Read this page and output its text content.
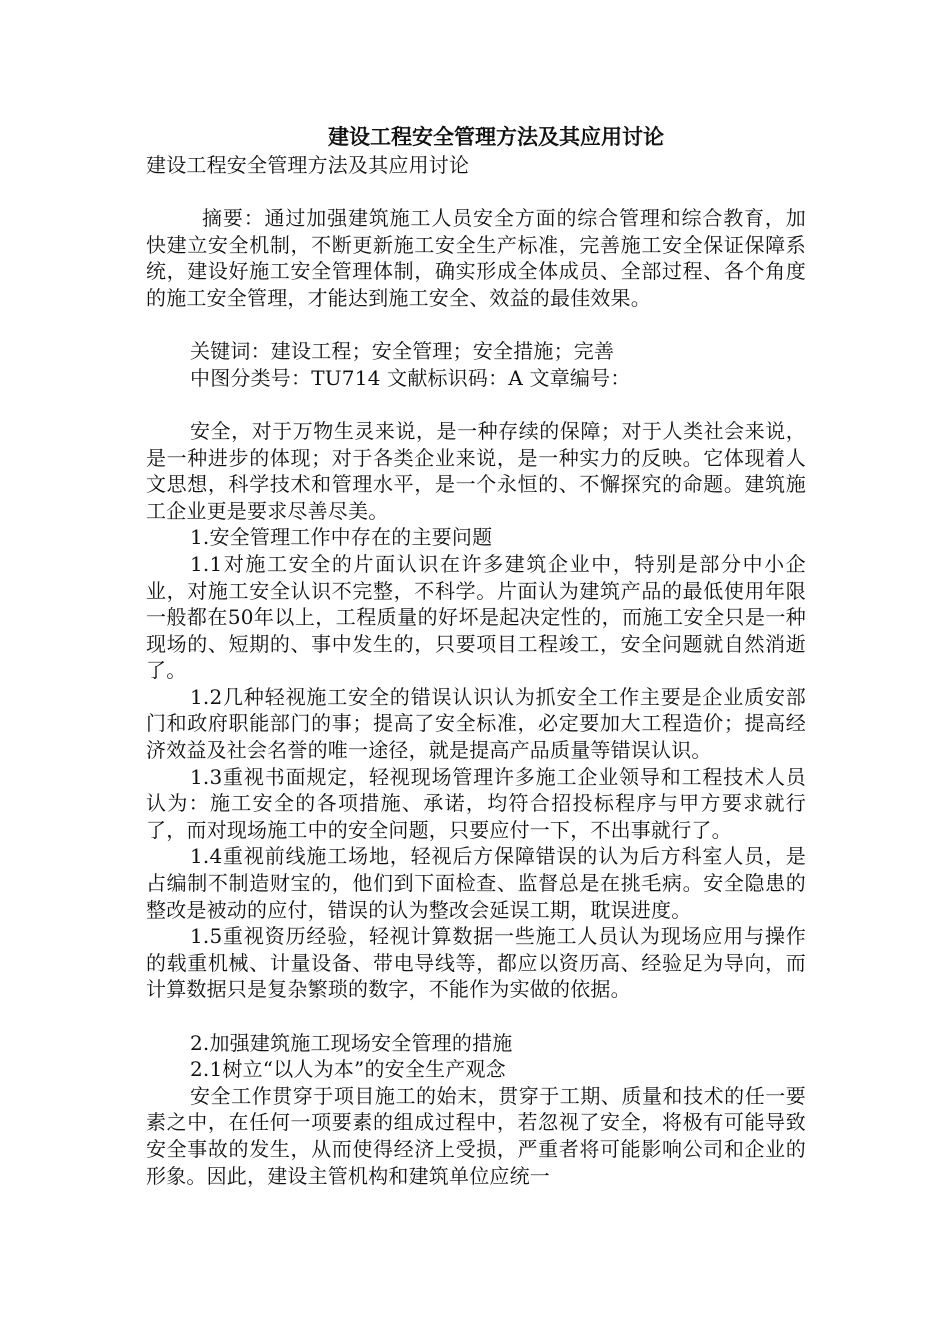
建设工程安全管理方法及其应用讨论
建设工程安全管理方法及其应用讨论
摘要：通过加强建筑施工人员安全方面的综合管理和综合教育，加快建立安全机制，不断更新施工安全生产标准，完善施工安全保证保障系统，建设好施工安全管理体制，确实形成全体成员、全部过程、各个角度的施工安全管理，才能达到施工安全、效益的最佳效果。
关键词：建设工程；安全管理；安全措施；完善
中图分类号：TU714 文献标识码：A 文章编号：
安全，对于万物生灵来说，是一种存续的保障；对于人类社会来说，是一种进步的体现；对于各类企业来说，是一种实力的反映。它体现着人文思想，科学技术和管理水平，是一个永恒的、不懈探究的命题。建筑施工企业更是要求尽善尽美。
1.安全管理工作中存在的主要问题
1.1对施工安全的片面认识在许多建筑企业中，特别是部分中小企业，对施工安全认识不完整，不科学。片面认为建筑产品的最低使用年限一般都在50年以上，工程质量的好坏是起决定性的，而施工安全只是一种现场的、短期的、事中发生的，只要项目工程竣工，安全问题就自然消逝了。
1.2几种轻视施工安全的错误认识认为抓安全工作主要是企业质安部门和政府职能部门的事；提高了安全标准，必定要加大工程造价；提高经济效益及社会名誉的唯一途径，就是提高产品质量等错误认识。
1.3重视书面规定，轻视现场管理许多施工企业领导和工程技术人员认为：施工安全的各项措施、承诺，均符合招投标程序与甲方要求就行了，而对现场施工中的安全问题，只要应付一下，不出事就行了。
1.4重视前线施工场地，轻视后方保障错误的认为后方科室人员，是占编制不制造财宝的，他们到下面检查、监督总是在挑毛病。安全隐患的整改是被动的应付，错误的认为整改会延误工期，耽误进度。
1.5重视资历经验，轻视计算数据一些施工人员认为现场应用与操作的载重机械、计量设备、带电导线等，都应以资历高、经验足为导向，而计算数据只是复杂繁琐的数字，不能作为实做的依据。
2.加强建筑施工现场安全管理的措施
2.1树立“以人为本”的安全生产观念
安全工作贯穿于项目施工的始末，贯穿于工期、质量和技术的任一要素之中，在任何一项要素的组成过程中，若忽视了安全，将极有可能导致安全事故的发生，从而使得经济上受损，严重者将可能影响公司和企业的形象。因此，建设主管机构和建筑单位应统一
